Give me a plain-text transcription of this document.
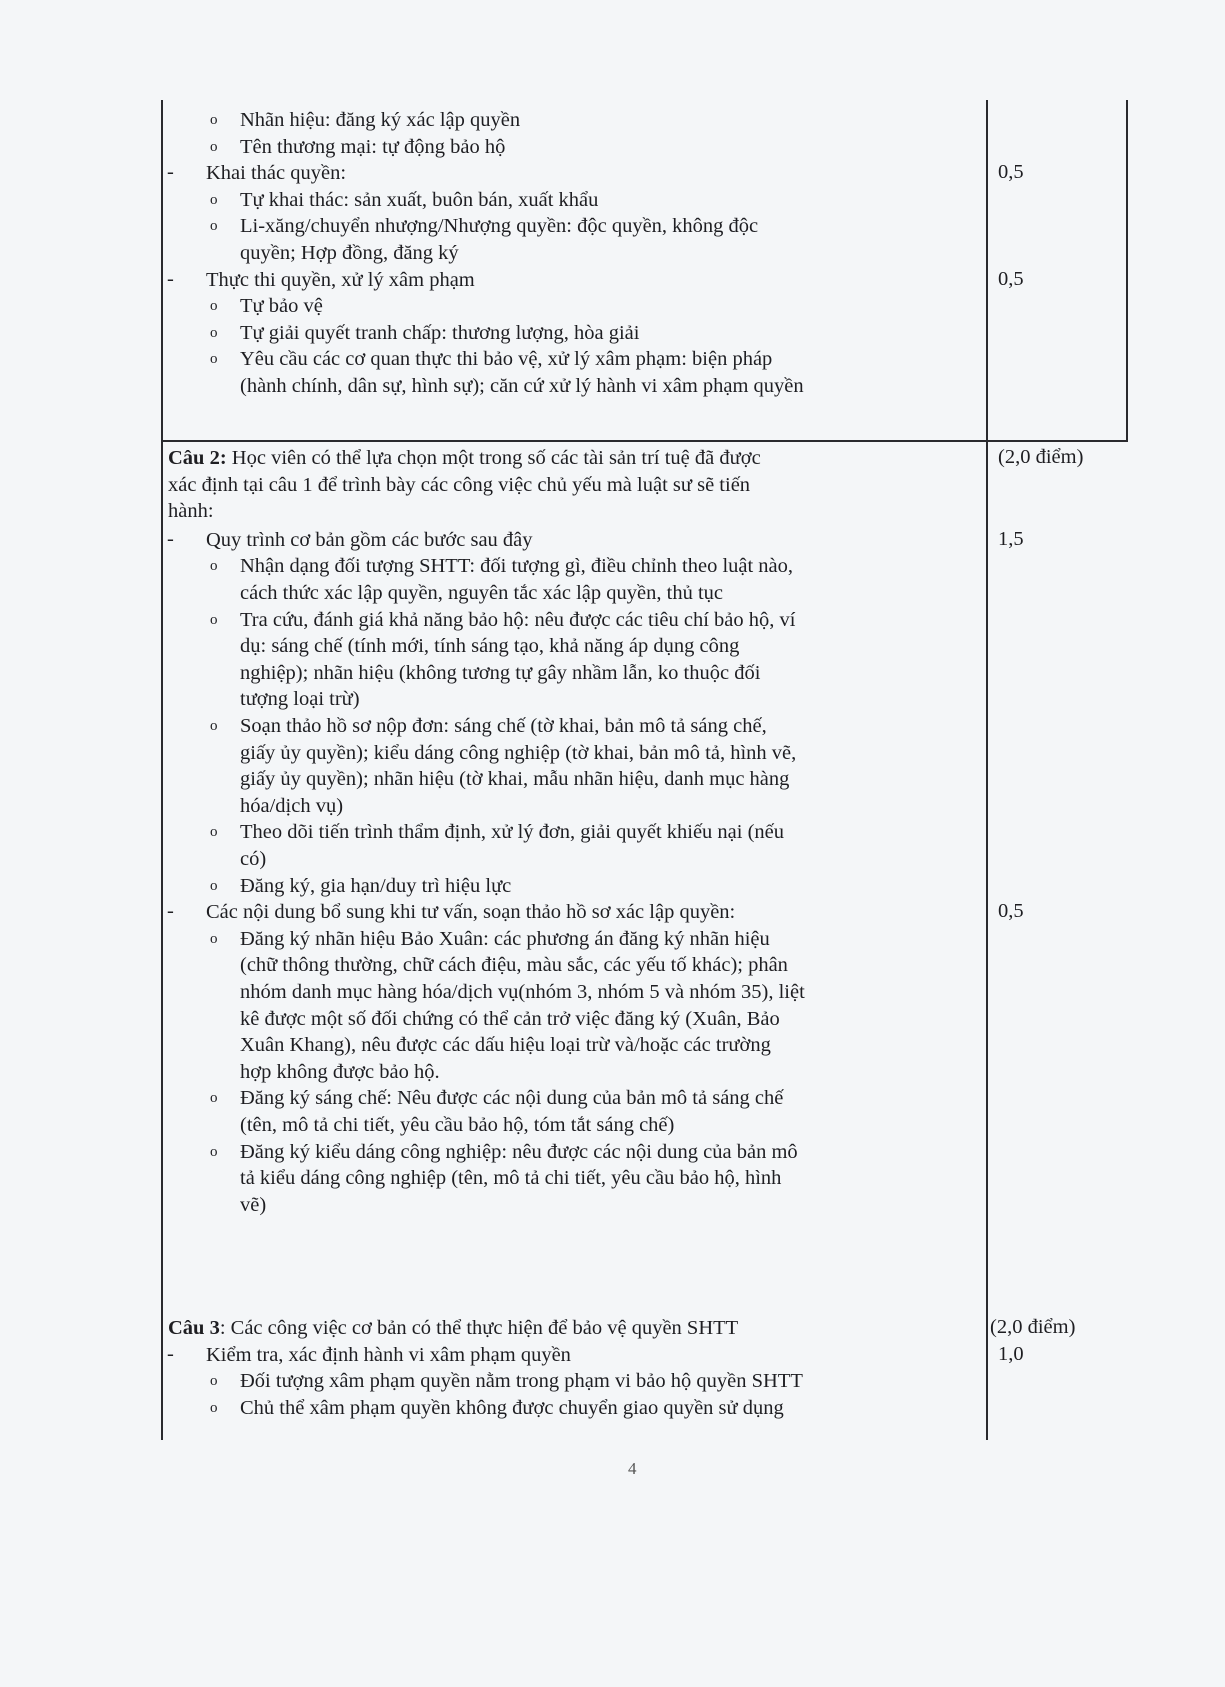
o Nhãn hiệu: đăng ký xác lập quyền
o Tên thương mại: tự động bảo hộ
- Khai thác quyền:	0,5
o Tự khai thác: sản xuất, buôn bán, xuất khẩu
o Li-xăng/chuyển nhượng/Nhượng quyền: độc quyền, không độc
quyền; Hợp đồng, đăng ký
- Thực thi quyền, xử lý xâm phạm	0,5
o Tự bảo vệ
o Tự giải quyết tranh chấp: thương lượng, hòa giải
o Yêu cầu các cơ quan thực thi bảo vệ, xử lý xâm phạm: biện pháp
(hành chính, dân sự, hình sự); căn cứ xử lý hành vi xâm phạm quyền
Câu 2: Học viên có thể lựa chọn một trong số các tài sản trí tuệ đã được	(2,0 điểm)
xác định tại câu 1 để trình bày các công việc chủ yếu mà luật sư sẽ tiến
hành:
- Quy trình cơ bản gồm các bước sau đây	1,5
o Nhận dạng đối tượng SHTT: đối tượng gì, điều chỉnh theo luật nào,
cách thức xác lập quyền, nguyên tắc xác lập quyền, thủ tục
o Tra cứu, đánh giá khả năng bảo hộ: nêu được các tiêu chí bảo hộ, ví
dụ: sáng chế (tính mới, tính sáng tạo, khả năng áp dụng công
nghiệp); nhãn hiệu (không tương tự gây nhầm lẫn, ko thuộc đối
tượng loại trừ)
o Soạn thảo hồ sơ nộp đơn: sáng chế (tờ khai, bản mô tả sáng chế,
giấy ủy quyền); kiểu dáng công nghiệp (tờ khai, bản mô tả, hình vẽ,
giấy ủy quyền); nhãn hiệu (tờ khai, mẫu nhãn hiệu, danh mục hàng
hóa/dịch vụ)
o Theo dõi tiến trình thẩm định, xử lý đơn, giải quyết khiếu nại (nếu
có)
o Đăng ký, gia hạn/duy trì hiệu lực
- Các nội dung bổ sung khi tư vấn, soạn thảo hồ sơ xác lập quyền:	0,5
o Đăng ký nhãn hiệu Bảo Xuân: các phương án đăng ký nhãn hiệu
(chữ thông thường, chữ cách điệu, màu sắc, các yếu tố khác); phân
nhóm danh mục hàng hóa/dịch vụ(nhóm 3, nhóm 5 và nhóm 35), liệt
kê được một số đối chứng có thể cản trở việc đăng ký (Xuân, Bảo
Xuân Khang), nêu được các dấu hiệu loại trừ và/hoặc các trường
hợp không được bảo hộ.
o Đăng ký sáng chế: Nêu được các nội dung của bản mô tả sáng chế
(tên, mô tả chi tiết, yêu cầu bảo hộ, tóm tắt sáng chế)
o Đăng ký kiểu dáng công nghiệp: nêu được các nội dung của bản mô
tả kiểu dáng công nghiệp (tên, mô tả chi tiết, yêu cầu bảo hộ, hình
vẽ)
Câu 3: Các công việc cơ bản có thể thực hiện để bảo vệ quyền SHTT	(2,0 điểm)
- Kiểm tra, xác định hành vi xâm phạm quyền	1,0
o Đối tượng xâm phạm quyền nằm trong phạm vi bảo hộ quyền SHTT
o Chủ thể xâm phạm quyền không được chuyển giao quyền sử dụng
4
